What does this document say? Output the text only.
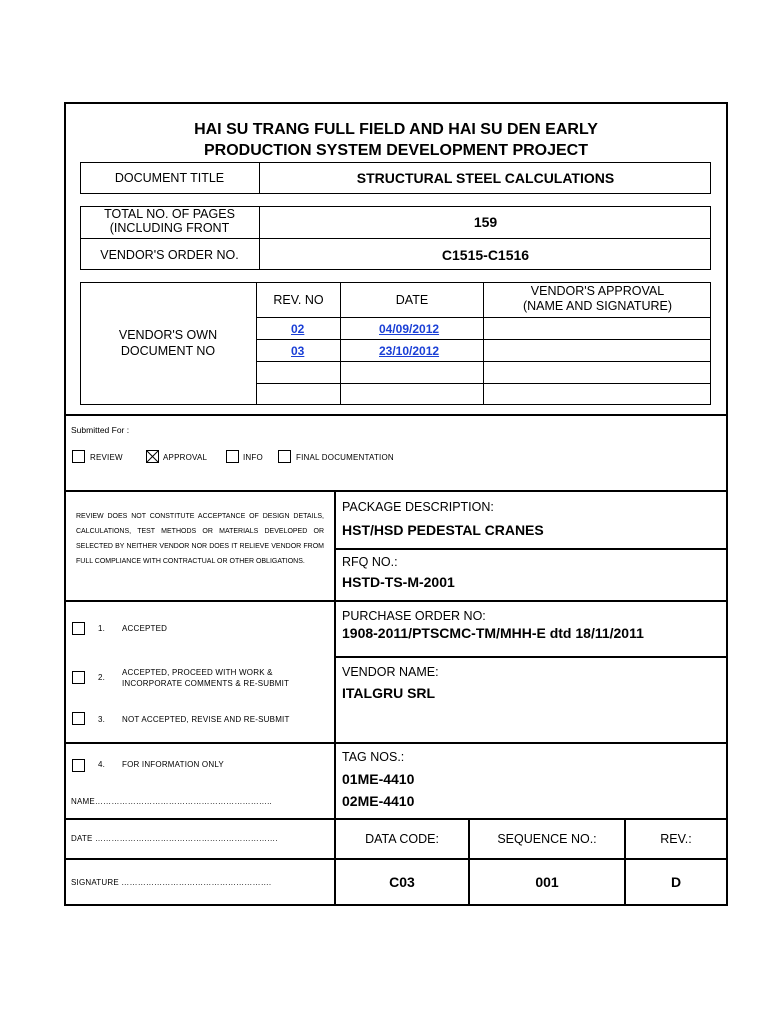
HAI SU TRANG FULL FIELD AND HAI SU DEN EARLY
PRODUCTION SYSTEM DEVELOPMENT PROJECT
DOCUMENT TITLE	STRUCTURAL STEEL CALCULATIONS
TOTAL NO. OF PAGES
(INCLUDING FRONT	159
VENDOR'S ORDER NO.	C1515-C1516
VENDOR'S OWN
DOCUMENT NO
REV. NO	DATE
VENDOR'S APPROVAL
(NAME AND SIGNATURE)
02	04/09/2012
03	23/10/2012
Submitted For :
REVIEW	APPROVAL	INFO	FINAL DOCUMENTATION
REVIEW DOES NOT CONSTITUTE ACCEPTANCE OF DESIGN DETAILS, CALCULATIONS, TEST METHODS OR MATERIALS DEVELOPED OR SELECTED BY NEITHER VENDOR NOR DOES IT RELIEVE VENDOR FROM FULL COMPLIANCE WITH CONTRACTUAL OR OTHER OBLIGATIONS.
1. ACCEPTED
2.
ACCEPTED, PROCEED WITH WORK &
INCORPORATE COMMENTS & RE-SUBMIT
3. NOT ACCEPTED, REVISE AND RE-SUBMIT
4. FOR INFORMATION ONLY
NAME………………………………………………………..
DATE ………………………………………………………….
SIGNATURE ……………………………………………….
PACKAGE DESCRIPTION:
HST/HSD PEDESTAL CRANES
RFQ NO.:
HSTD-TS-M-2001
PURCHASE ORDER NO:
1908-2011/PTSCMC-TM/MHH-E dtd 18/11/2011
VENDOR NAME:
ITALGRU SRL
TAG NOS.:
01ME-4410
02ME-4410
DATA CODE:	SEQUENCE NO.:	REV.:
C03	001	D
